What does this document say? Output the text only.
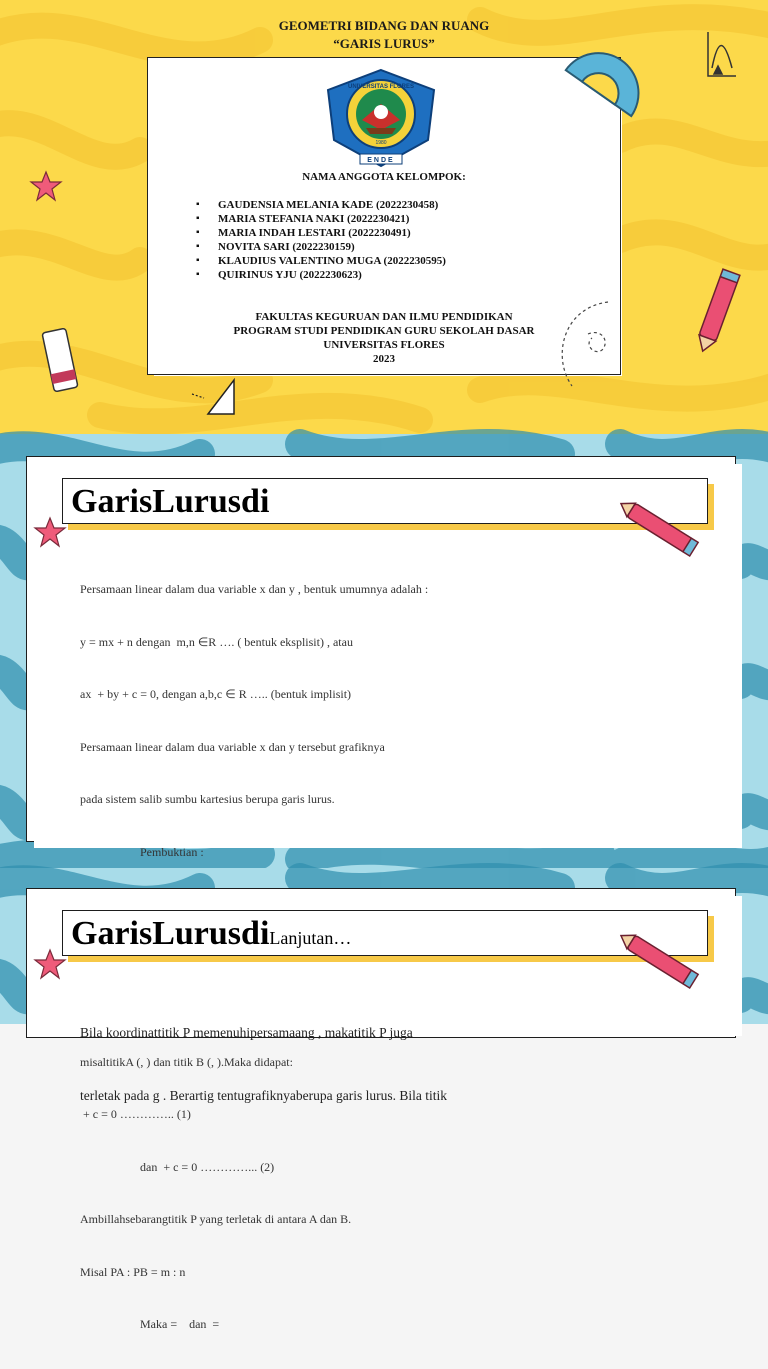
GEOMETRI BIDANG DAN RUANG
“GARIS LURUS”
UNIVERSITAS FLORES
1980
ENDE
NAMA ANGGOTA KELOMPOK:
▪ GAUDENSIA MELANIA KADE (2022230458)
▪ MARIA STEFANIA NAKI (2022230421)
▪ MARIA INDAH LESTARI (2022230491)
▪ NOVITA SARI (2022230159)
▪ KLAUDIUS VALENTINO MUGA (2022230595)
▪ QUIRINUS YJU (2022230623)
FAKULTAS KEGURUAN DAN ILMU PENDIDIKAN
PROGRAM STUDI PENDIDIKAN GURU SEKOLAH DASAR
UNIVERSITAS FLORES
2023
GarisLurusdi

Persamaan linear dalam dua variable x dan y , bentuk umumnya adalah :

y = mx + n dengan  m,n ∈R …. ( bentuk eksplisit) , atau

ax  + by + c = 0, dengan a,b,c ∈ R ….. (bentuk implisit)

Persamaan linear dalam dua variable x dan y tersebut grafiknya

pada sistem salib sumbu kartesius berupa garis lurus.

Pembuktian :

misaltitikA (, ) dan titik B (, ).Maka didapat:

+ c = 0 ………….. (1)

dan  + c = 0 …………... (2)

Ambillahsebarangtitik P yang terletak di antara A dan B.

Misal PA : PB = m : n

Maka =    dan  =

GarisLurusdiLanjutan…

Bila koordinattitik P memenuhipersamaang , makatitik P juga

terletak pada g . Berartig tentugrafiknyaberupa garis lurus. Bila titik
